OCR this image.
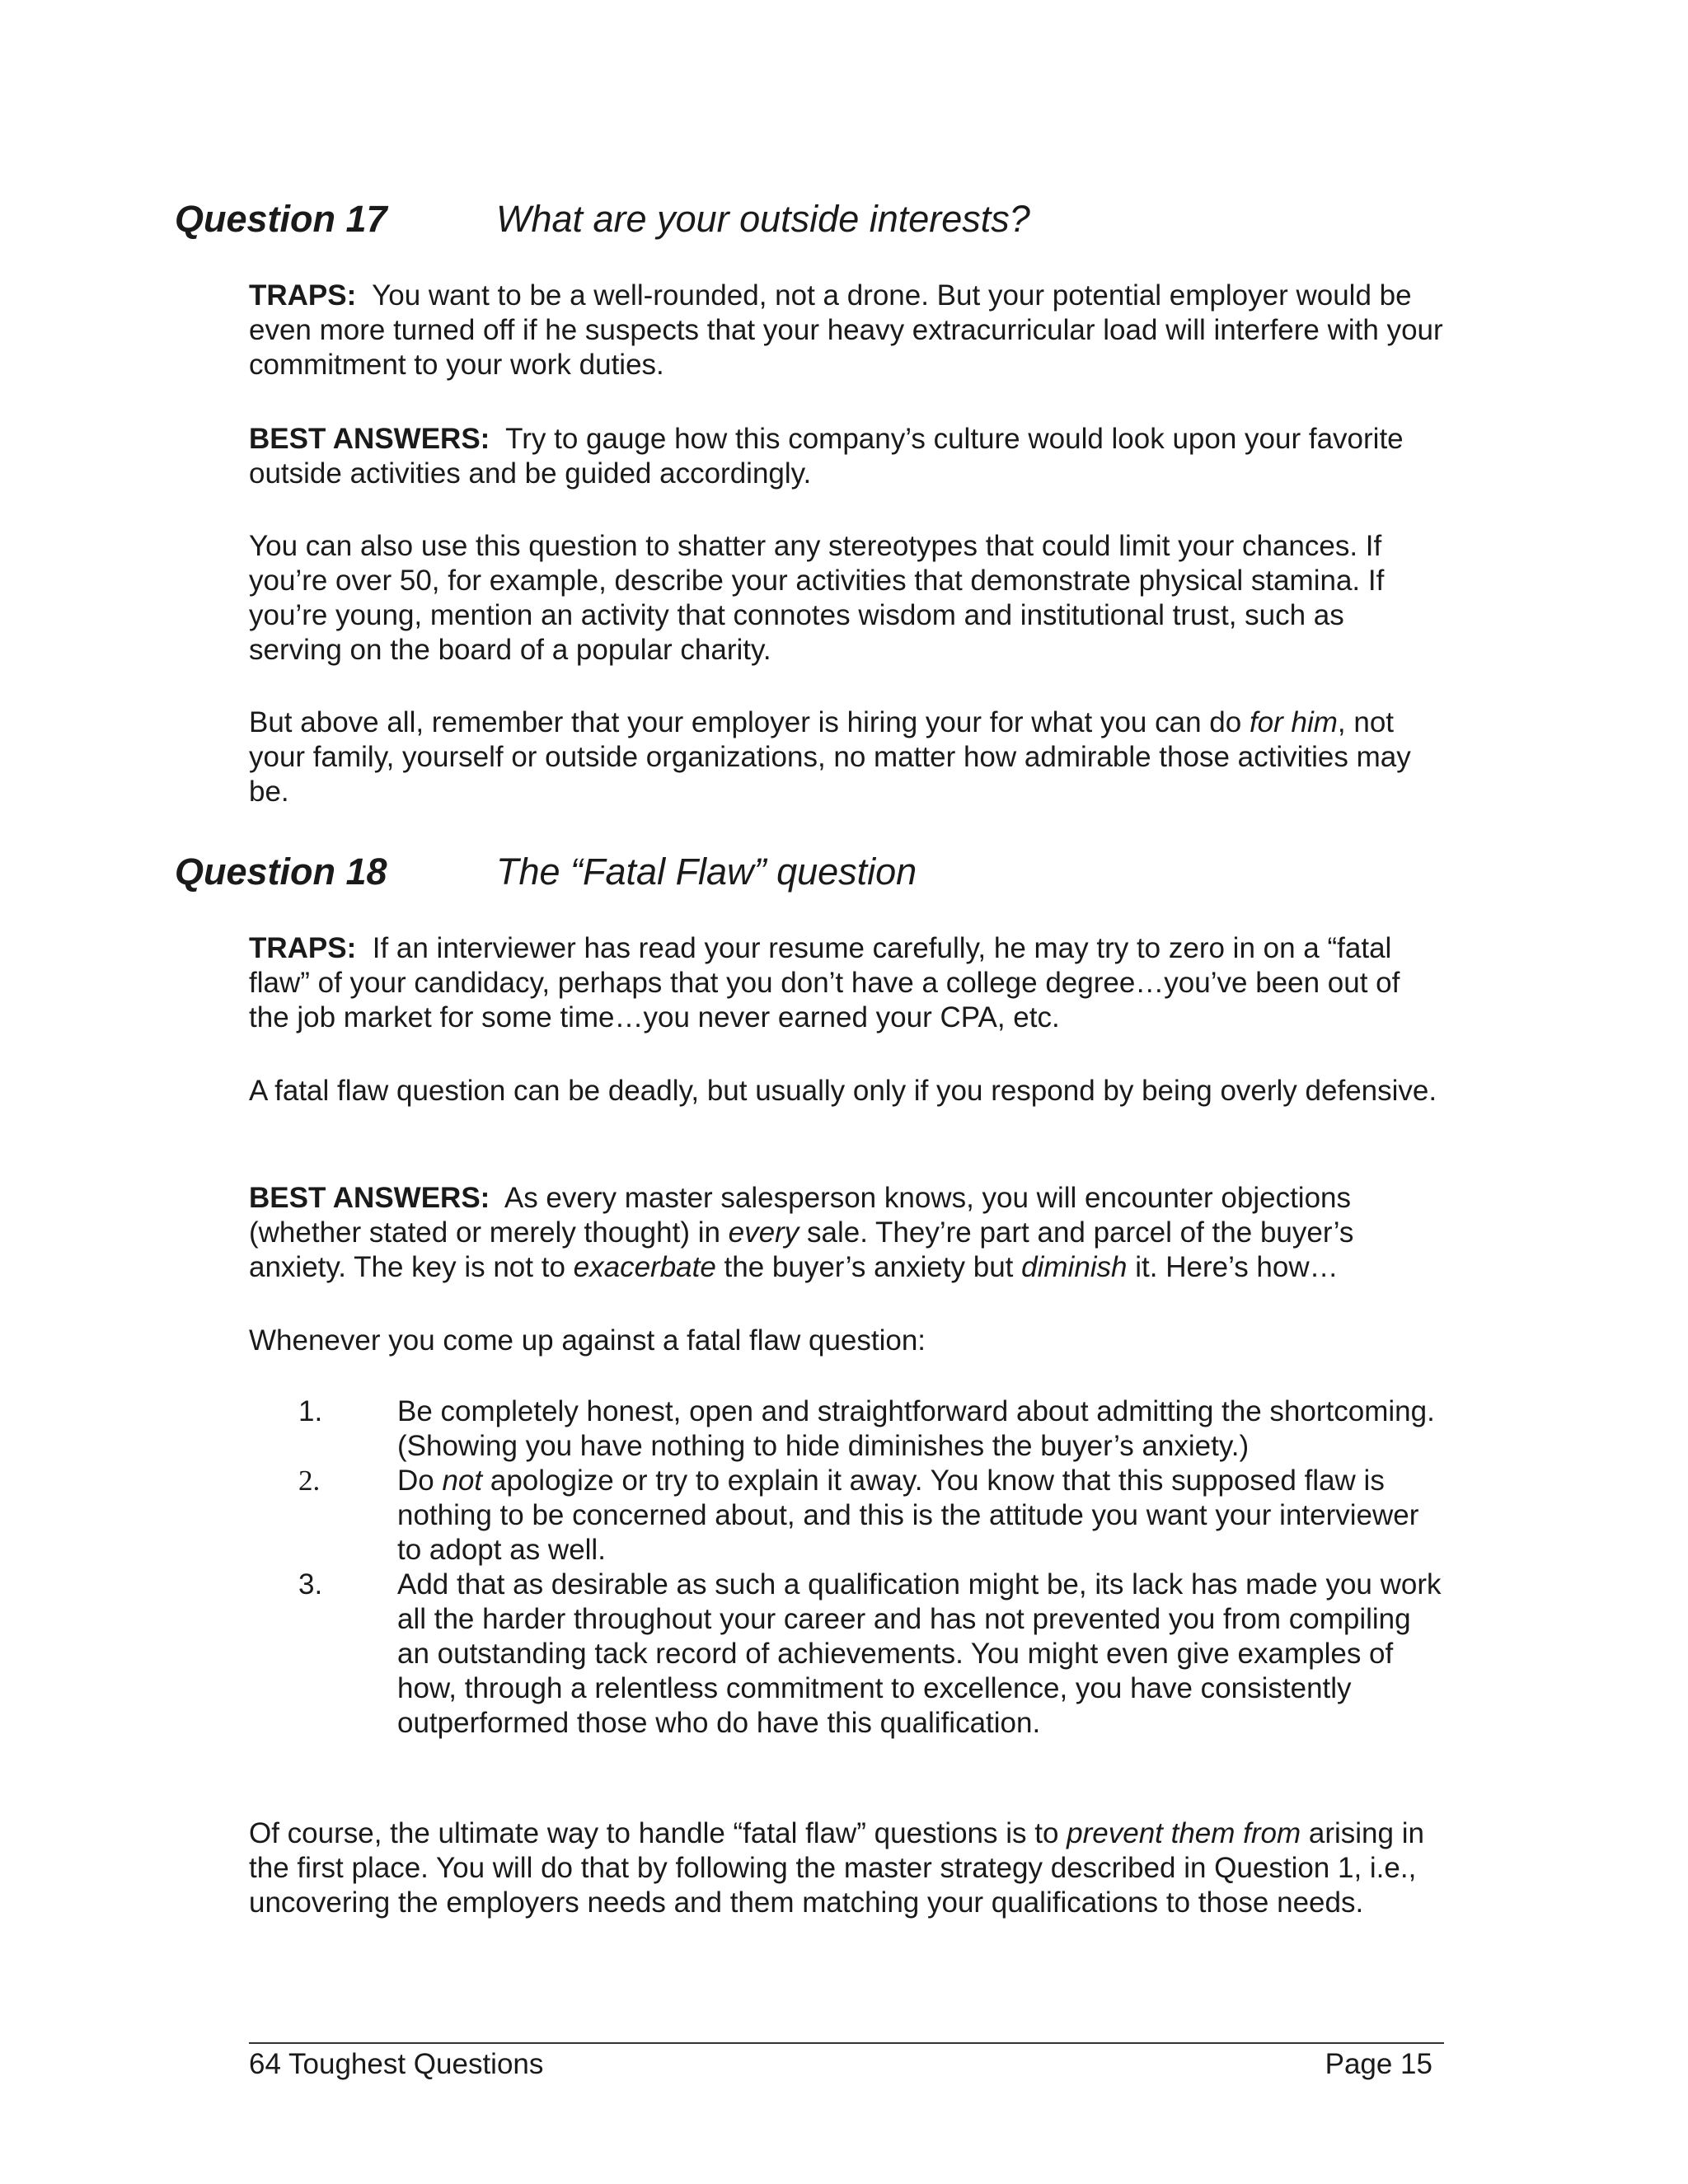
Question 17	What are your outside interests?

TRAPS: You want to be a well-rounded, not a drone. But your potential employer would be even more turned off if he suspects that your heavy extracurricular load will interfere with your commitment to your work duties.

BEST ANSWERS: Try to gauge how this company’s culture would look upon your favorite outside activities and be guided accordingly.

You can also use this question to shatter any stereotypes that could limit your chances. If you’re over 50, for example, describe your activities that demonstrate physical stamina. If you’re young, mention an activity that connotes wisdom and institutional trust, such as serving on the board of a popular charity.

But above all, remember that your employer is hiring your for what you can do for him, not your family, yourself or outside organizations, no matter how admirable those activities may be.

Question 18	The “Fatal Flaw” question

TRAPS: If an interviewer has read your resume carefully, he may try to zero in on a “fatal flaw” of your candidacy, perhaps that you don’t have a college degree…you’ve been out of the job market for some time…you never earned your CPA, etc.

A fatal flaw question can be deadly, but usually only if you respond by being overly defensive.

BEST ANSWERS: As every master salesperson knows, you will encounter objections (whether stated or merely thought) in every sale. They’re part and parcel of the buyer’s anxiety. The key is not to exacerbate the buyer’s anxiety but diminish it. Here’s how…

Whenever you come up against a fatal flaw question:

1.	Be completely honest, open and straightforward about admitting the shortcoming. (Showing you have nothing to hide diminishes the buyer’s anxiety.)
2.	Do not apologize or try to explain it away. You know that this supposed flaw is nothing to be concerned about, and this is the attitude you want your interviewer to adopt as well.
3.	Add that as desirable as such a qualification might be, its lack has made you work all the harder throughout your career and has not prevented you from compiling an outstanding tack record of achievements. You might even give examples of how, through a relentless commitment to excellence, you have consistently outperformed those who do have this qualification.

Of course, the ultimate way to handle “fatal flaw” questions is to prevent them from arising in the first place. You will do that by following the master strategy described in Question 1, i.e., uncovering the employers needs and them matching your qualifications to those needs.

64 Toughest Questions	Page 15
